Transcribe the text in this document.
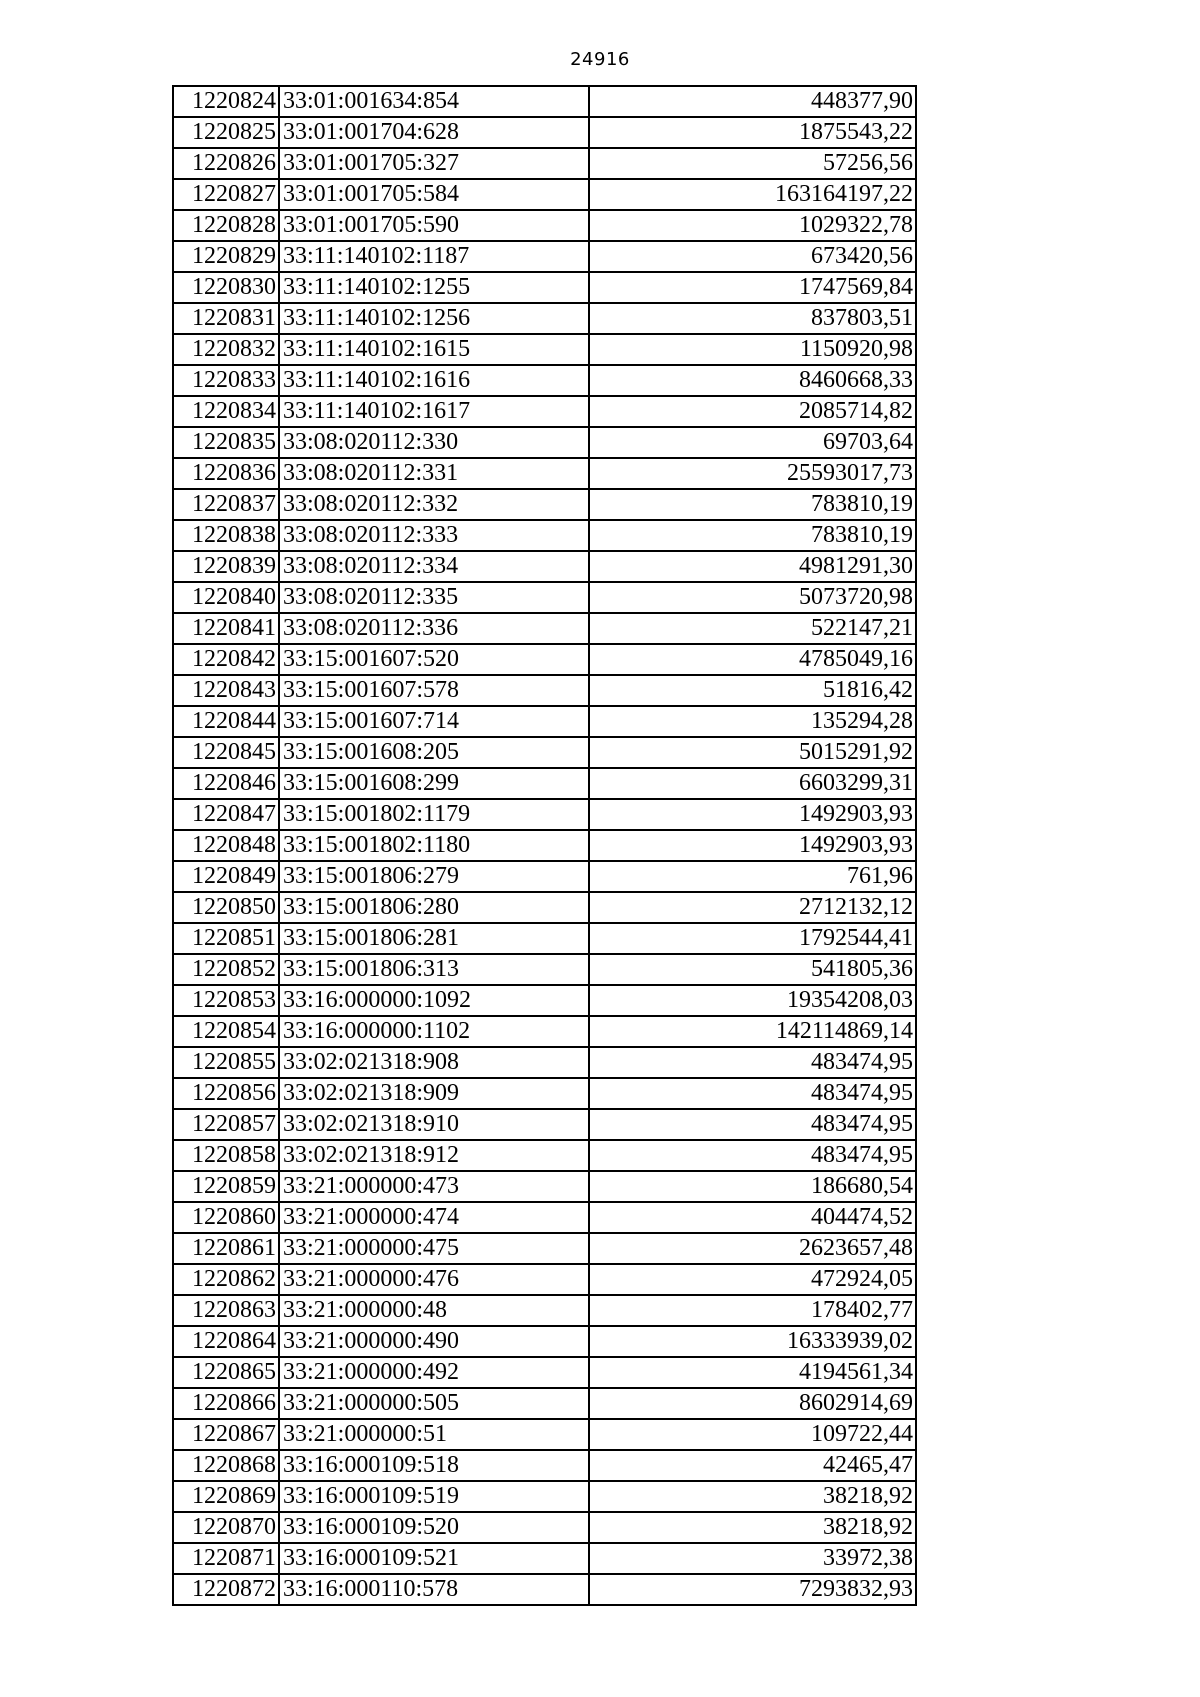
24916
1220824	33:01:001634:854	448377,90
1220825	33:01:001704:628	1875543,22
1220826	33:01:001705:327	57256,56
1220827	33:01:001705:584	163164197,22
1220828	33:01:001705:590	1029322,78
1220829	33:11:140102:1187	673420,56
1220830	33:11:140102:1255	1747569,84
1220831	33:11:140102:1256	837803,51
1220832	33:11:140102:1615	1150920,98
1220833	33:11:140102:1616	8460668,33
1220834	33:11:140102:1617	2085714,82
1220835	33:08:020112:330	69703,64
1220836	33:08:020112:331	25593017,73
1220837	33:08:020112:332	783810,19
1220838	33:08:020112:333	783810,19
1220839	33:08:020112:334	4981291,30
1220840	33:08:020112:335	5073720,98
1220841	33:08:020112:336	522147,21
1220842	33:15:001607:520	4785049,16
1220843	33:15:001607:578	51816,42
1220844	33:15:001607:714	135294,28
1220845	33:15:001608:205	5015291,92
1220846	33:15:001608:299	6603299,31
1220847	33:15:001802:1179	1492903,93
1220848	33:15:001802:1180	1492903,93
1220849	33:15:001806:279	761,96
1220850	33:15:001806:280	2712132,12
1220851	33:15:001806:281	1792544,41
1220852	33:15:001806:313	541805,36
1220853	33:16:000000:1092	19354208,03
1220854	33:16:000000:1102	142114869,14
1220855	33:02:021318:908	483474,95
1220856	33:02:021318:909	483474,95
1220857	33:02:021318:910	483474,95
1220858	33:02:021318:912	483474,95
1220859	33:21:000000:473	186680,54
1220860	33:21:000000:474	404474,52
1220861	33:21:000000:475	2623657,48
1220862	33:21:000000:476	472924,05
1220863	33:21:000000:48	178402,77
1220864	33:21:000000:490	16333939,02
1220865	33:21:000000:492	4194561,34
1220866	33:21:000000:505	8602914,69
1220867	33:21:000000:51	109722,44
1220868	33:16:000109:518	42465,47
1220869	33:16:000109:519	38218,92
1220870	33:16:000109:520	38218,92
1220871	33:16:000109:521	33972,38
1220872	33:16:000110:578	7293832,93
